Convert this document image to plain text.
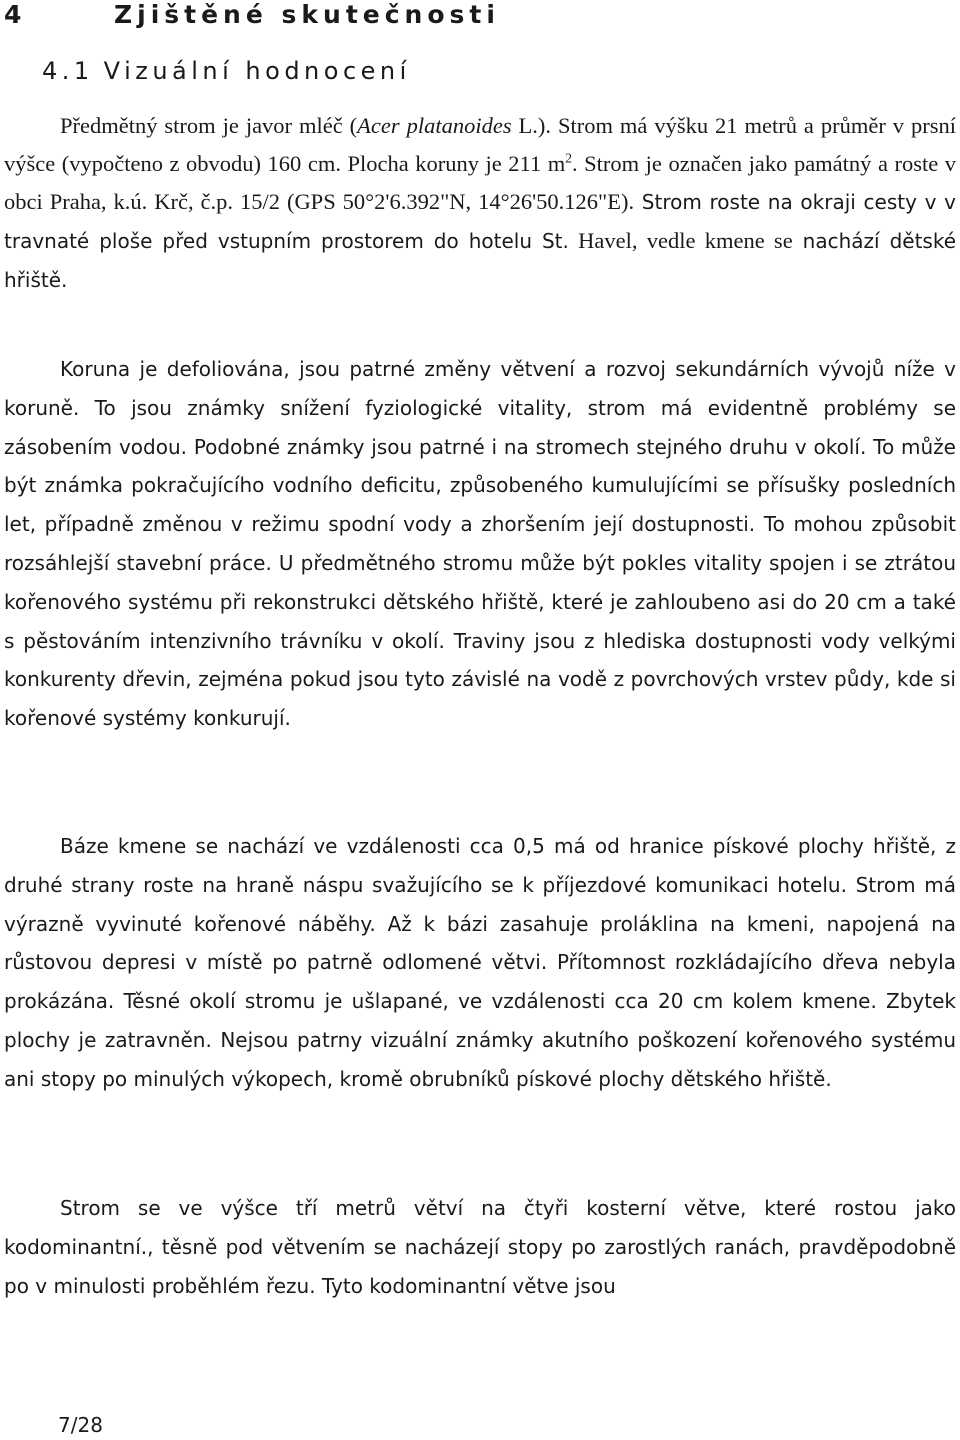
4	Zjištěné skutečnosti
4.1 Vizuální hodnocení

Předmětný strom je javor mléč (Acer platanoides L.). Strom má výšku 21 metrů a průměr v prsní výšce (vypočteno z obvodu) 160 cm. Plocha koruny je 211 $m^2$. Strom je označen jako památný a roste v obci Praha, k.ú. Krč, č.p. 15/2 (GPS 50°2'6.392"N, 14°26'50.126"E). Strom roste na okraji cesty v v travnaté ploše před vstupním prostorem do hotelu St. Havel, vedle kmene se nachází dětské hřiště.

Koruna je defoliována, jsou patrné změny větvení a rozvoj sekundárních vývojů níže v koruně. To jsou známky snížení fyziologické vitality, strom má evidentně problémy se zásobením vodou. Podobné známky jsou patrné i na stromech stejného druhu v okolí. To může být známka pokračujícího vodního deficitu, způsobeného kumulujícími se přísušky posledních let, případně změnou v režimu spodní vody a zhoršením její dostupnosti. To mohou způsobit rozsáhlejší stavební práce. U předmětného stromu může být pokles vitality spojen i se ztrátou kořenového systému při rekonstrukci dětského hřiště, které je zahloubeno asi do 20 cm a také s pěstováním intenzivního trávníku v okolí. Traviny jsou z hlediska dostupnosti vody velkými konkurenty dřevin, zejména pokud jsou tyto závislé na vodě z povrchových vrstev půdy, kde si kořenové systémy konkurují.

Báze kmene se nachází ve vzdálenosti cca 0,5 má od hranice pískové plochy hřiště, z druhé strany roste na hraně náspu svažujícího se k příjezdové komunikaci hotelu. Strom má výrazně vyvinuté kořenové náběhy. Až k bázi zasahuje proláklina na kmeni, napojená na růstovou depresi v místě po patrně odlomené větvi. Přítomnost rozkládajícího dřeva nebyla prokázána. Těsné okolí stromu je ušlapané, ve vzdálenosti cca 20 cm kolem kmene. Zbytek plochy je zatravněn. Nejsou patrny vizuální známky akutního poškození kořenového systému ani stopy po minulých výkopech, kromě obrubníků pískové plochy dětského hřiště.

Strom se ve výšce tří metrů větví na čtyři kosterní větve, které rostou jako kodominantní., těsně pod větvením se nacházejí stopy po zarostlých ranách, pravděpodobně po v minulosti proběhlém řezu. Tyto kodominantní větve jsou

7/28
